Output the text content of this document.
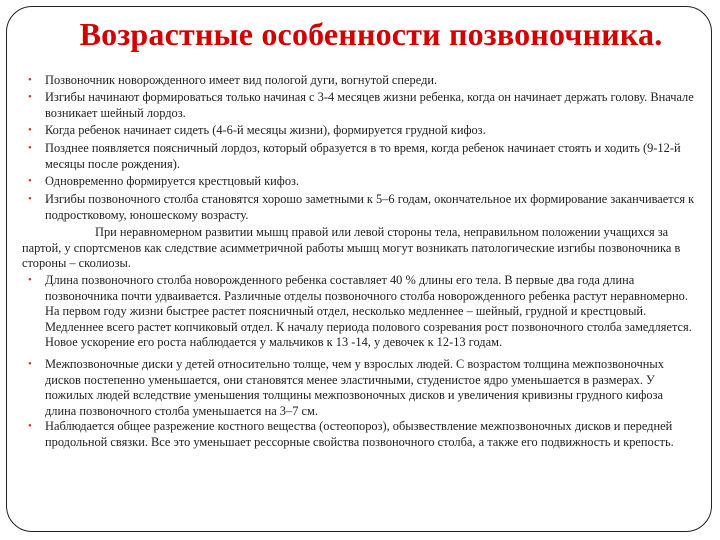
Возрастные особенности позвоночника.
• Позвоночник новорожденного имеет вид пологой дуги, вогнутой спереди.
• Изгибы начинают формироваться только начиная с 3-4 месяцев жизни ребенка, когда он начинает держать голову. Вначале возникает шейный лордоз.
• Когда ребенок начинает сидеть (4-6-й месяцы жизни), формируется грудной кифоз.
• Позднее появляется поясничный лордоз, который образуется в то время, когда ребенок начинает стоять и ходить (9-12-й месяцы после рождения).
• Одновременно формируется крестцовый кифоз.
• Изгибы позвоночного столба становятся хорошо заметными к 5–6 годам, окончательное их формирование заканчивается к подростковому, юношескому возрасту.
При неравномерном развитии мышц правой или левой стороны тела, неправильном положении учащихся за партой, у спортсменов как следствие асимметричной работы мышц могут возникать патологические изгибы позвоночника в стороны – сколиозы.
• Длина позвоночного столба новорожденного ребенка составляет 40 % длины его тела. В первые два года длина позвоночника почти удваивается. Различные отделы позвоночного столба новорожденного ребенка растут неравномерно. На первом году жизни быстрее растет поясничный отдел, несколько медленнее – шейный, грудной и крестцовый. Медленнее всего растет копчиковый отдел. К началу периода полового созревания рост позвоночного столба замедляется. Новое ускорение его роста наблюдается у мальчиков к 13 -14, у девочек к 12-13 годам.
• Межпозвоночные диски у детей относительно толще, чем у взрослых людей. С возрастом толщина межпозвоночных дисков постепенно уменьшается, они становятся менее эластичными, студенистое ядро уменьшается в размерах. У пожилых людей вследствие уменьшения толщины межпозвоночных дисков и увеличения кривизны грудного кифоза длина позвоночного столба уменьшается на 3–7 см.
• Наблюдается общее разрежение костного вещества (остеопороз), обызвествление межпозвоночных дисков и передней продольной связки. Все это уменьшает рессорные свойства позвоночного столба, а также его подвижность и крепость.
